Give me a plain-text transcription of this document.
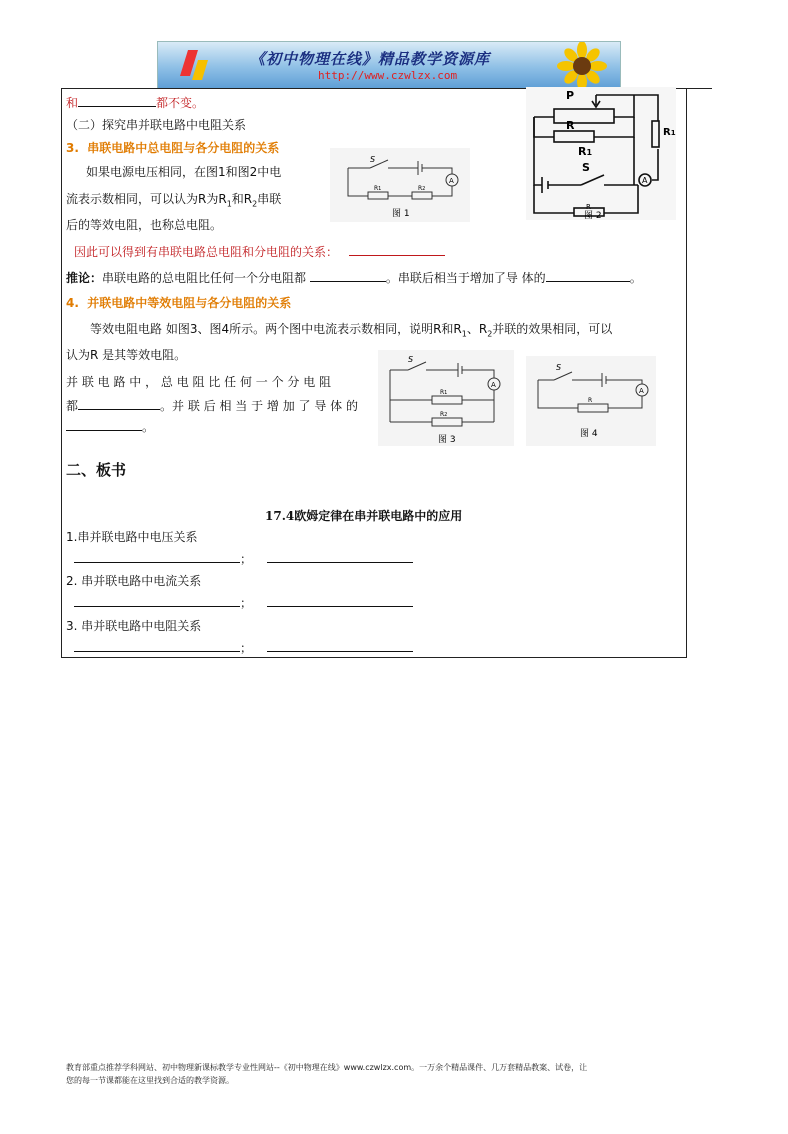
《初中物理在线》精品教学资源库
http://www.czwlzx.com
和	都不变。
（二）探究串并联电路中电阻关系
3. 串联电路中总电阻与各分电阻的关系
如果电源电压相同，在图1和图2中电
流表示数相同，可以认为R为$R_1$和$R_2$串联
后的等效电阻，也称总电阻。
因此可以得到有串联电路总电阻和分电阻的关系：
推论：串联电路的总电阻比任何一个分电阻都	。串联后相当于增加了导 体的	。
4. 并联电路中等效电阻与各分电阻的关系
等效电阻电路 如图3、图4所示。两个图中电流表示数相同，说明R和$R_1$、$R_2$并联的效果相同，可以
认为R 是其等效电阻。
并 联 电 路 中 ， 总 电 阻 比 任 何 一 个 分 电 阻
都	。并 联 后 相 当 于 增 加 了 导 体 的
。
二、板书
17.4欧姆定律在串并联电路中的应用
1.串并联电路中电压关系
；
2. 串并联电路中电流关系
；
3. 串并联电路中电阻关系
；
S
A
R1	R2
图 1
P
R
R1
S
R1
A
R
图 2
S
A
R1
R2
图 3
S
A
R
图 4
教育部重点推荐学科网站、初中物理新课标教学专业性网站--《初中物理在线》www.czwlzx.com。一万余个精品课件、几万套精品教案、试卷，让
您的每一节课都能在这里找到合适的教学资源。
